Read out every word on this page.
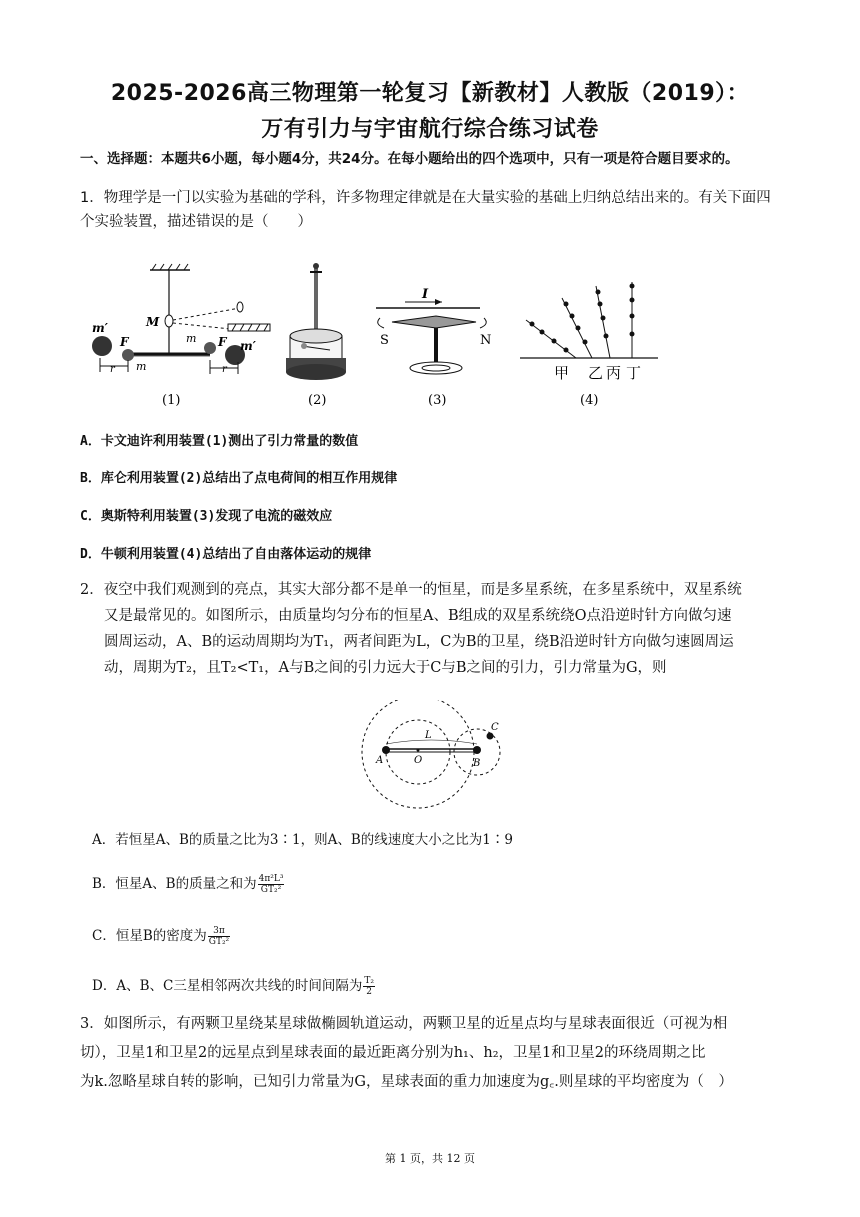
2025-2026高三物理第一轮复习【新教材】人教版（2019）：
万有引力与宇宙航行综合练习试卷
一、选择题：本题共6小题，每小题4分，共24分。在每小题给出的四个选项中，只有一项是符合题目要求的。
1．物理学是一门以实验为基础的学科，许多物理定律就是在大量实验的基础上归纳总结出来的。有关下面四个实验装置，描述错误的是（　　）
m′	M
F
m
r
m F
r
m′
(1)	(2)
I
S	N
(3)
甲 乙 丙 丁
(4)
A．卡文迪许利用装置(1)测出了引力常量的数值
B．库仑利用装置(2)总结出了点电荷间的相互作用规律
C．奥斯特利用装置(3)发现了电流的磁效应
D．牛顿利用装置(4)总结出了自由落体运动的规律
2．夜空中我们观测到的亮点，其实大部分都不是单一的恒星，而是多星系统，在多星系统中，双星系统
又是最常见的。如图所示，由质量均匀分布的恒星A、B组成的双星系统绕O点沿逆时针方向做匀速
圆周运动，A、B的运动周期均为T₁，两者间距为L，C为B的卫星，绕B沿逆时针方向做匀速圆周运
动，周期为T₂，且T₂<T₁，A与B之间的引力远大于C与B之间的引力，引力常量为G，则
L
A	O	B
C
A．若恒星A、B的质量之比为3∶1，则A、B的线速度大小之比为1∶9
B．恒星A、B的质量之和为 $\frac{\text{4π²L³}}{\text{GT₂²}}$
C．恒星B的密度为 $\frac{3\pi}{\text{GT₂²}}$
D．A、B、C三星相邻两次共线的时间间隔为 $\frac{\text{T₂}}{2}$
3．如图所示，有两颗卫星绕某星球做椭圆轨道运动，两颗卫星的近星点均与星球表面很近（可视为相
切），卫星1和卫星2的远星点到星球表面的最近距离分别为h₁、h₂，卫星1和卫星2的环绕周期之比
为k.忽略星球自转的影响，已知引力常量为G，星球表面的重力加速度为g꜀.则星球的平均密度为（　）
第 1 页，共 12 页
